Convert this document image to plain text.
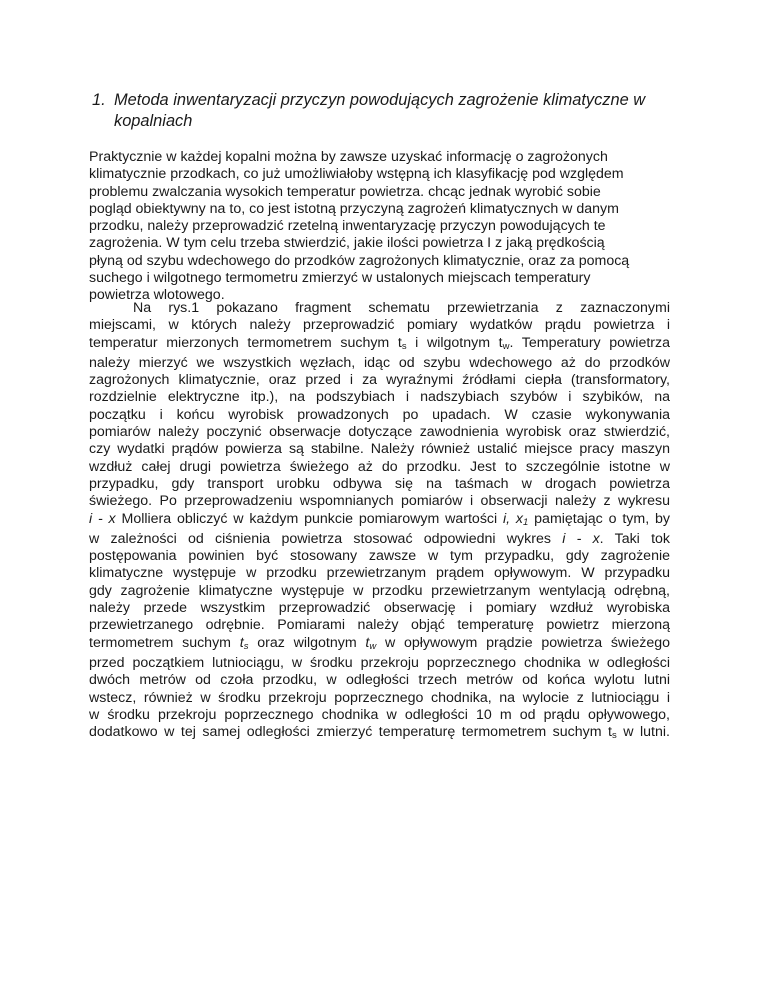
1. Metoda inwentaryzacji przyczyn powodujących zagrożenie klimatyczne w kopalniach
Praktycznie w każdej kopalni można by zawsze uzyskać informację o zagrożonych
klimatycznie przodkach, co już umożliwiałoby wstępną ich klasyfikację pod względem
problemu zwalczania wysokich temperatur powietrza. chcąc jednak wyrobić sobie
pogląd obiektywny na to, co jest istotną przyczyną zagrożeń klimatycznych w danym
przodku, należy przeprowadzić rzetelną inwentaryzację przyczyn powodujących te
zagrożenia. W tym celu trzeba stwierdzić, jakie ilości powietrza I z jaką prędkością
płyną od szybu wdechowego do przodków zagrożonych klimatycznie, oraz za pomocą
suchego i wilgotnego termometru zmierzyć w ustalonych miejscach temperatury
powietrza wlotowego.
Na rys.1 pokazano fragment schematu przewietrzania z zaznaczonymi
miejscami, w których należy przeprowadzić pomiary wydatków prądu powietrza i
temperatur mierzonych termometrem suchym $t_s$ i wilgotnym $t_w$. Temperatury powietrza
należy mierzyć we wszystkich węzłach, idąc od szybu wdechowego aż do przodków
zagrożonych klimatycznie, oraz przed i za wyraźnymi źródłami ciepła (transformatory,
rozdzielnie elektryczne itp.), na podszybiach i nadszybiach szybów i szybików, na
początku i końcu wyrobisk prowadzonych po upadach. W czasie wykonywania
pomiarów należy poczynić obserwacje dotyczące zawodnienia wyrobisk oraz stwierdzić,
czy wydatki prądów powierza są stabilne. Należy również ustalić miejsce pracy maszyn
wzdłuż całej drugi powietrza świeżego aż do przodku. Jest to szczególnie istotne w
przypadku, gdy transport urobku odbywa się na taśmach w drogach powietrza
świeżego. Po przeprowadzeniu wspomnianych pomiarów i obserwacji należy z wykresu
i - x Molliera obliczyć w każdym punkcie pomiarowym wartości i, $x_1$ pamiętając o tym, by
w zależności od ciśnienia powietrza stosować odpowiedni wykres i - x. Taki tok
postępowania powinien być stosowany zawsze w tym przypadku, gdy zagrożenie
klimatyczne występuje w przodku przewietrzanym prądem opływowym. W przypadku
gdy zagrożenie klimatyczne występuje w przodku przewietrzanym wentylacją odrębną,
należy przede wszystkim przeprowadzić obserwację i pomiary wzdłuż wyrobiska
przewietrzanego odrębnie. Pomiarami należy objąć temperaturę powietrz mierzoną
termometrem suchym $t_s$ oraz wilgotnym $t_w$ w opływowym prądzie powietrza świeżego
przed początkiem lutniociągu, w środku przekroju poprzecznego chodnika w odległości
dwóch metrów od czoła przodku, w odległości trzech metrów od końca wylotu lutni
wstecz, również w środku przekroju poprzecznego chodnika, na wylocie z lutniociągu i
w środku przekroju poprzecznego chodnika w odległości 10 m od prądu opływowego,
dodatkowo w tej samej odległości zmierzyć temperaturę termometrem suchym $t_s$ w lutni.
